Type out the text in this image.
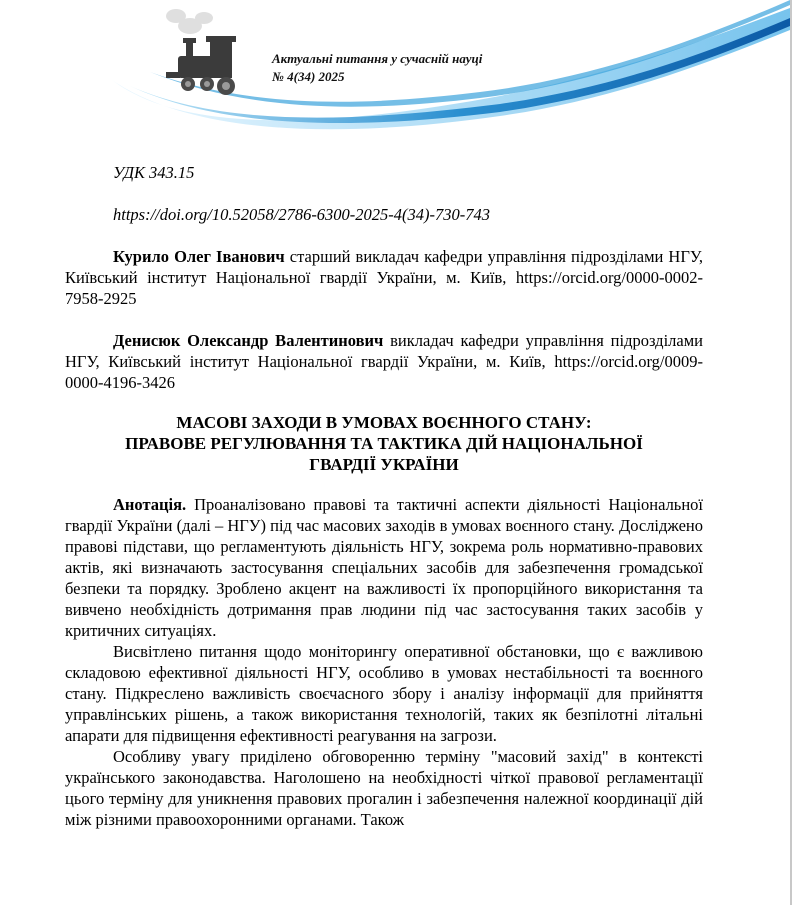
Актуальні питання у сучасній науці
№ 4(34) 2025
УДК 343.15
https://doi.org/10.52058/2786-6300-2025-4(34)-730-743
Курило Олег Іванович старший викладач кафедри управління підрозділами НГУ, Київський інститут Національної гвардії України, м. Київ, https://orcid.org/0000-0002-7958-2925
Денисюк Олександр Валентинович викладач кафедри управління підрозділами НГУ, Київський інститут Національної гвардії України, м. Київ, https://orcid.org/0009-0000-4196-3426
МАСОВІ ЗАХОДИ В УМОВАХ ВОЄННОГО СТАНУ:
ПРАВОВЕ РЕГУЛЮВАННЯ ТА ТАКТИКА ДІЙ НАЦІОНАЛЬНОЇ
ГВАРДІЇ УКРАЇНИ

Анотація. Проаналізовано правові та тактичні аспекти діяльності Національної гвардії України (далі – НГУ) під час масових заходів в умовах воєнного стану. Досліджено правові підстави, що регламентують діяльність НГУ, зокрема роль нормативно-правових актів, які визначають застосування спеціальних засобів для забезпечення громадської безпеки та порядку. Зроблено акцент на важливості їх пропорційного використання та вивчено необхідність дотримання прав людини під час застосування таких засобів у критичних ситуаціях.

Висвітлено питання щодо моніторингу оперативної обстановки, що є важливою складовою ефективної діяльності НГУ, особливо в умовах нестабільності та воєнного стану. Підкреслено важливість своєчасного збору і аналізу інформації для прийняття управлінських рішень, а також використання технологій, таких як безпілотні літальні апарати для підвищення ефективності реагування на загрози.

Особливу увагу приділено обговоренню терміну "масовий захід" в контексті українського законодавства. Наголошено на необхідності чіткої правової регламентації цього терміну для уникнення правових прогалин і забезпечення належної координації дій між різними правоохоронними органами. Також
